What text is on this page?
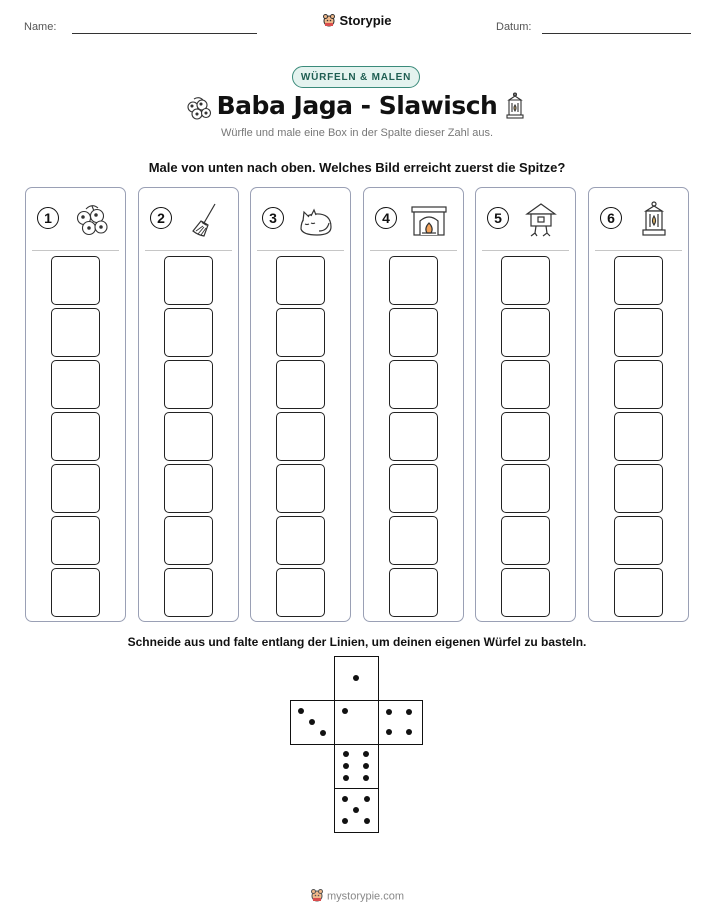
Name:	Storypie	Datum:
WÜRFELN & MALEN
Baba Jaga - Slawisch
Würfle und male eine Box in der Spalte dieser Zahl aus.
Male von unten nach oben. Welches Bild erreicht zuerst die Spitze?
1	2	3	4	5	6
Schneide aus und falte entlang der Linien, um deinen eigenen Würfel zu basteln.
mystorypie.com
